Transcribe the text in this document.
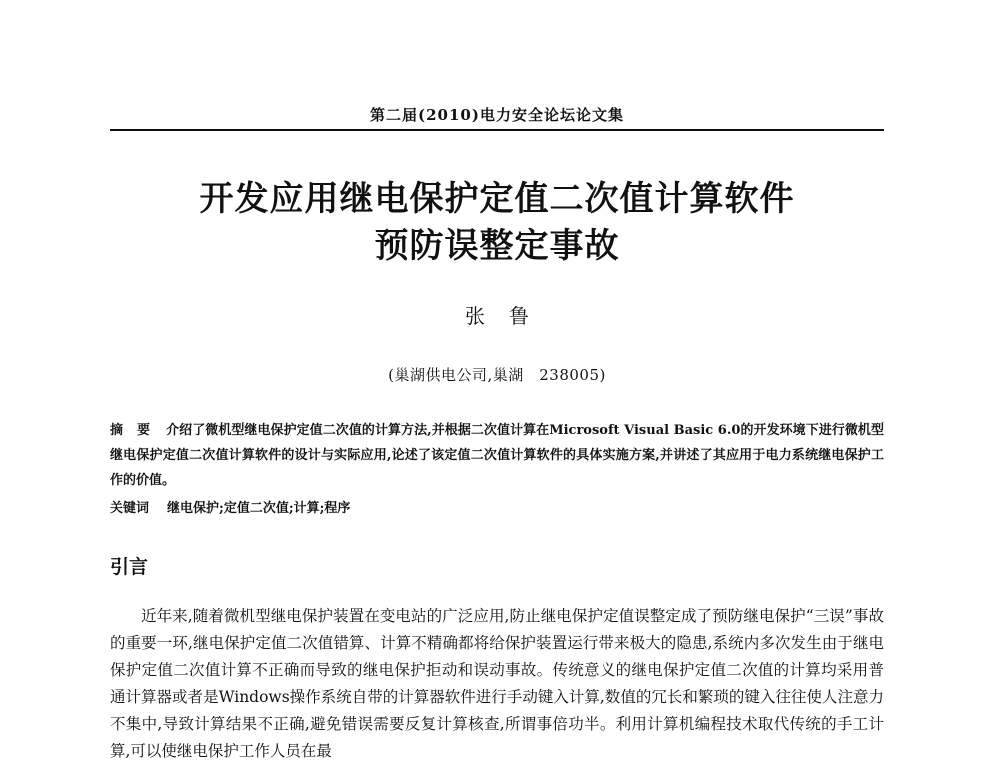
第二届(2010)电力安全论坛论文集
开发应用继电保护定值二次值计算软件
预防误整定事故
张鲁
(巢湖供电公司,巢湖　238005)
摘要 介绍了微机型继电保护定值二次值的计算方法,并根据二次值计算在Microsoft Visual Basic 6.0的开发环境下进行微机型继电保护定值二次值计算软件的设计与实际应用,论述了该定值二次值计算软件的具体实施方案,并讲述了其应用于电力系统继电保护工作的价值。
关键词 继电保护;定值二次值;计算;程序
引言
近年来,随着微机型继电保护装置在变电站的广泛应用,防止继电保护定值误整定成了预防继电保护“三误”事故的重要一环,继电保护定值二次值错算、计算不精确都将给保护装置运行带来极大的隐患,系统内多次发生由于继电保护定值二次值计算不正确而导致的继电保护拒动和误动事故。传统意义的继电保护定值二次值的计算均采用普通计算器或者是Windows操作系统自带的计算器软件进行手动键入计算,数值的冗长和繁琐的键入往往使人注意力不集中,导致计算结果不正确,避免错误需要反复计算核查,所谓事倍功半。利用计算机编程技术取代传统的手工计算,可以使继电保护工作人员在最
